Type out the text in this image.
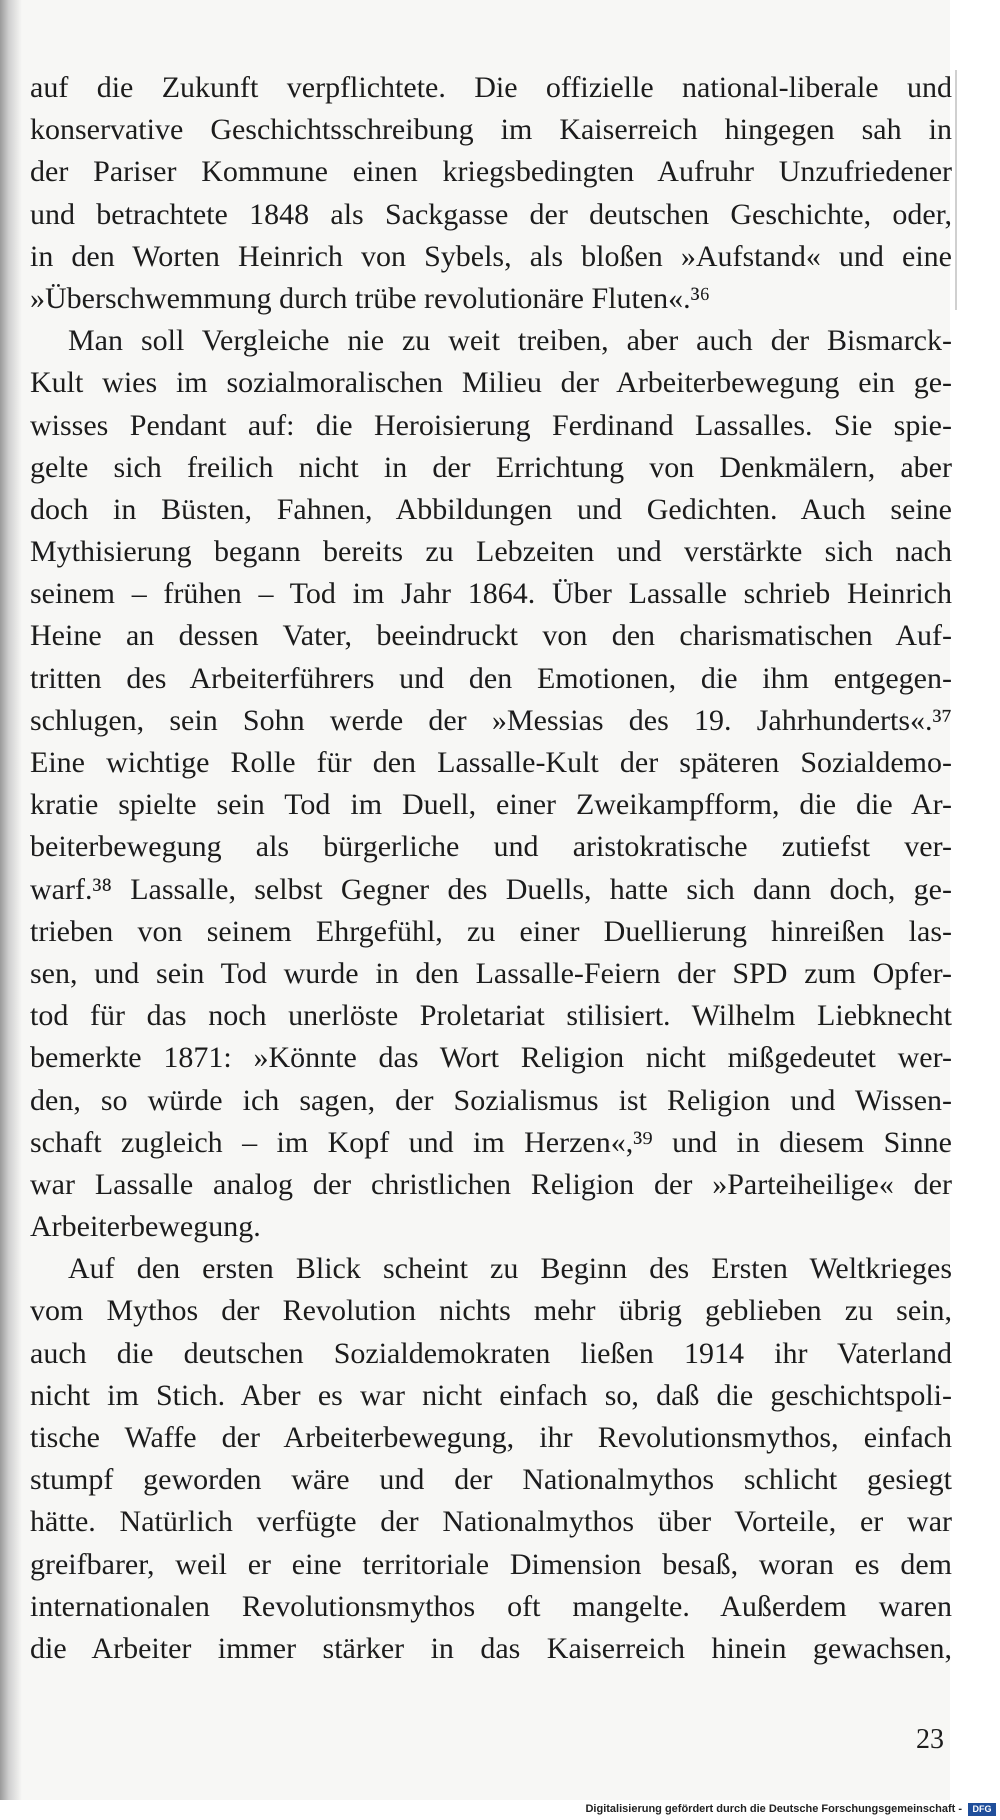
auf die Zukunft verpflichtete. Die offizielle national-liberale und
konservative Geschichtsschreibung im Kaiserreich hingegen sah in
der Pariser Kommune einen kriegsbedingten Aufruhr Unzufriedener
und betrachtete 1848 als Sackgasse der deutschen Geschichte, oder,
in den Worten Heinrich von Sybels, als bloßen »Aufstand« und eine
»Überschwemmung durch trübe revolutionäre Fluten«.³⁶
Man soll Vergleiche nie zu weit treiben, aber auch der Bismarck-
Kult wies im sozialmoralischen Milieu der Arbeiterbewegung ein ge-
wisses Pendant auf: die Heroisierung Ferdinand Lassalles. Sie spie-
gelte sich freilich nicht in der Errichtung von Denkmälern, aber
doch in Büsten, Fahnen, Abbildungen und Gedichten. Auch seine
Mythisierung begann bereits zu Lebzeiten und verstärkte sich nach
seinem – frühen – Tod im Jahr 1864. Über Lassalle schrieb Heinrich
Heine an dessen Vater, beeindruckt von den charismatischen Auf-
tritten des Arbeiterführers und den Emotionen, die ihm entgegen-
schlugen, sein Sohn werde der »Messias des 19. Jahrhunderts«.³⁷
Eine wichtige Rolle für den Lassalle-Kult der späteren Sozialdemo-
kratie spielte sein Tod im Duell, einer Zweikampfform, die die Ar-
beiterbewegung als bürgerliche und aristokratische zutiefst ver-
warf.³⁸ Lassalle, selbst Gegner des Duells, hatte sich dann doch, ge-
trieben von seinem Ehrgefühl, zu einer Duellierung hinreißen las-
sen, und sein Tod wurde in den Lassalle-Feiern der SPD zum Opfer-
tod für das noch unerlöste Proletariat stilisiert. Wilhelm Liebknecht
bemerkte 1871: »Könnte das Wort Religion nicht mißgedeutet wer-
den, so würde ich sagen, der Sozialismus ist Religion und Wissen-
schaft zugleich – im Kopf und im Herzen«,³⁹ und in diesem Sinne
war Lassalle analog der christlichen Religion der »Parteiheilige« der
Arbeiterbewegung.
Auf den ersten Blick scheint zu Beginn des Ersten Weltkrieges
vom Mythos der Revolution nichts mehr übrig geblieben zu sein,
auch die deutschen Sozialdemokraten ließen 1914 ihr Vaterland
nicht im Stich. Aber es war nicht einfach so, daß die geschichtspoli-
tische Waffe der Arbeiterbewegung, ihr Revolutionsmythos, einfach
stumpf geworden wäre und der Nationalmythos schlicht gesiegt
hätte. Natürlich verfügte der Nationalmythos über Vorteile, er war
greifbarer, weil er eine territoriale Dimension besaß, woran es dem
internationalen Revolutionsmythos oft mangelte. Außerdem waren
die Arbeiter immer stärker in das Kaiserreich hinein gewachsen,
23
Digitalisierung gefördert durch die Deutsche Forschungsgemeinschaft -	DFG
